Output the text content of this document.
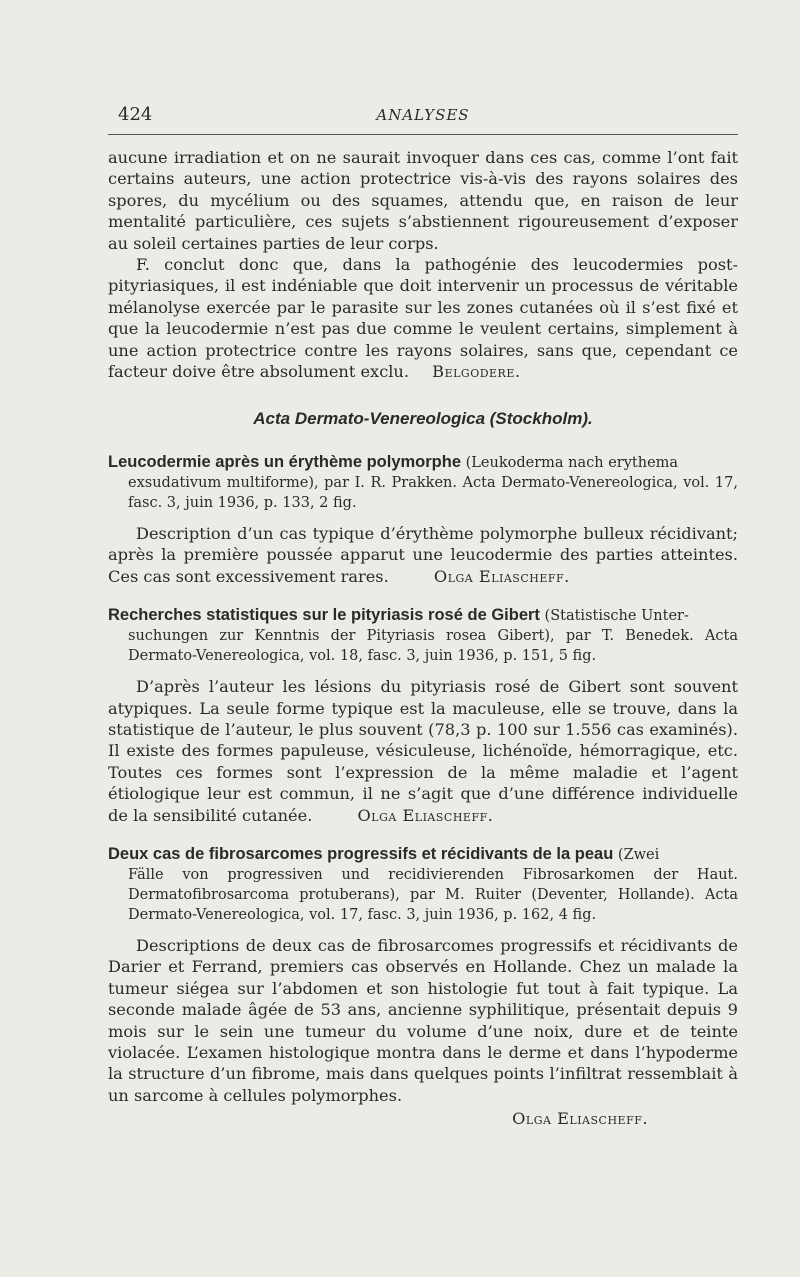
424	ANALYSES

aucune irradiation et on ne saurait invoquer dans ces cas, comme l’ont fait certains auteurs, une action protectrice vis-à-vis des rayons solaires des spores, du mycélium ou des squames, attendu que, en raison de leur mentalité particulière, ces sujets s’abstiennent rigoureusement d’exposer au soleil certaines parties de leur corps.

F. conclut donc que, dans la pathogénie des leucodermies post-pityriasiques, il est indéniable que doit intervenir un processus de véritable mélanolyse exercée par le parasite sur les zones cutanées où il s’est fixé et que la leucodermie n’est pas due comme le veulent certains, simplement à une action protectrice contre les rayons solaires, sans que, cependant ce facteur doive être absolument exclu. Belgodere.

Acta Dermato-Venereologica (Stockholm).

Leucodermie après un érythème polymorphe (Leukoderma nach erythema
exsudativum multiforme), par I. R. Prakken. Acta Dermato-Venereologica, vol. 17, fasc. 3, juin 1936, p. 133, 2 fig.

Description d’un cas typique d’érythème polymorphe bulleux récidivant; après la première poussée apparut une leucodermie des parties atteintes. Ces cas sont excessivement rares.	Olga Eliascheff.

Recherches statistiques sur le pityriasis rosé de Gibert (Statistische Unter-
suchungen zur Kenntnis der Pityriasis rosea Gibert), par T. Benedek. Acta Dermato-Venereologica, vol. 18, fasc. 3, juin 1936, p. 151, 5 fig.

D’après l’auteur les lésions du pityriasis rosé de Gibert sont souvent atypiques. La seule forme typique est la maculeuse, elle se trouve, dans la statistique de l’auteur, le plus souvent (78,3 p. 100 sur 1.556 cas examinés). Il existe des formes papuleuse, vésiculeuse, lichénoïde, hémorragique, etc. Toutes ces formes sont l’expression de la même maladie et l’agent étiologique leur est commun, il ne s’agit que d’une différence individuelle de la sensibilité cutanée.	Olga Eliascheff.

Deux cas de fibrosarcomes progressifs et récidivants de la peau (Zwei
Fälle von progressiven und recidivierenden Fibrosarkomen der Haut. Dermatofibrosarcoma protuberans), par M. Ruiter (Deventer, Hollande). Acta Dermato-Venereologica, vol. 17, fasc. 3, juin 1936, p. 162, 4 fig.

Descriptions de deux cas de fibrosarcomes progressifs et récidivants de Darier et Ferrand, premiers cas observés en Hollande. Chez un malade la tumeur siégea sur l’abdomen et son histologie fut tout à fait typique. La seconde malade âgée de 53 ans, ancienne syphilitique, présentait depuis 9 mois sur le sein une tumeur du volume d’une noix, dure et de teinte violacée. L’examen histologique montra dans le derme et dans l’hypoderme la structure d’un fibrome, mais dans quelques points l’infiltrat ressemblait à un sarcome à cellules polymorphes.

Olga Eliascheff.
